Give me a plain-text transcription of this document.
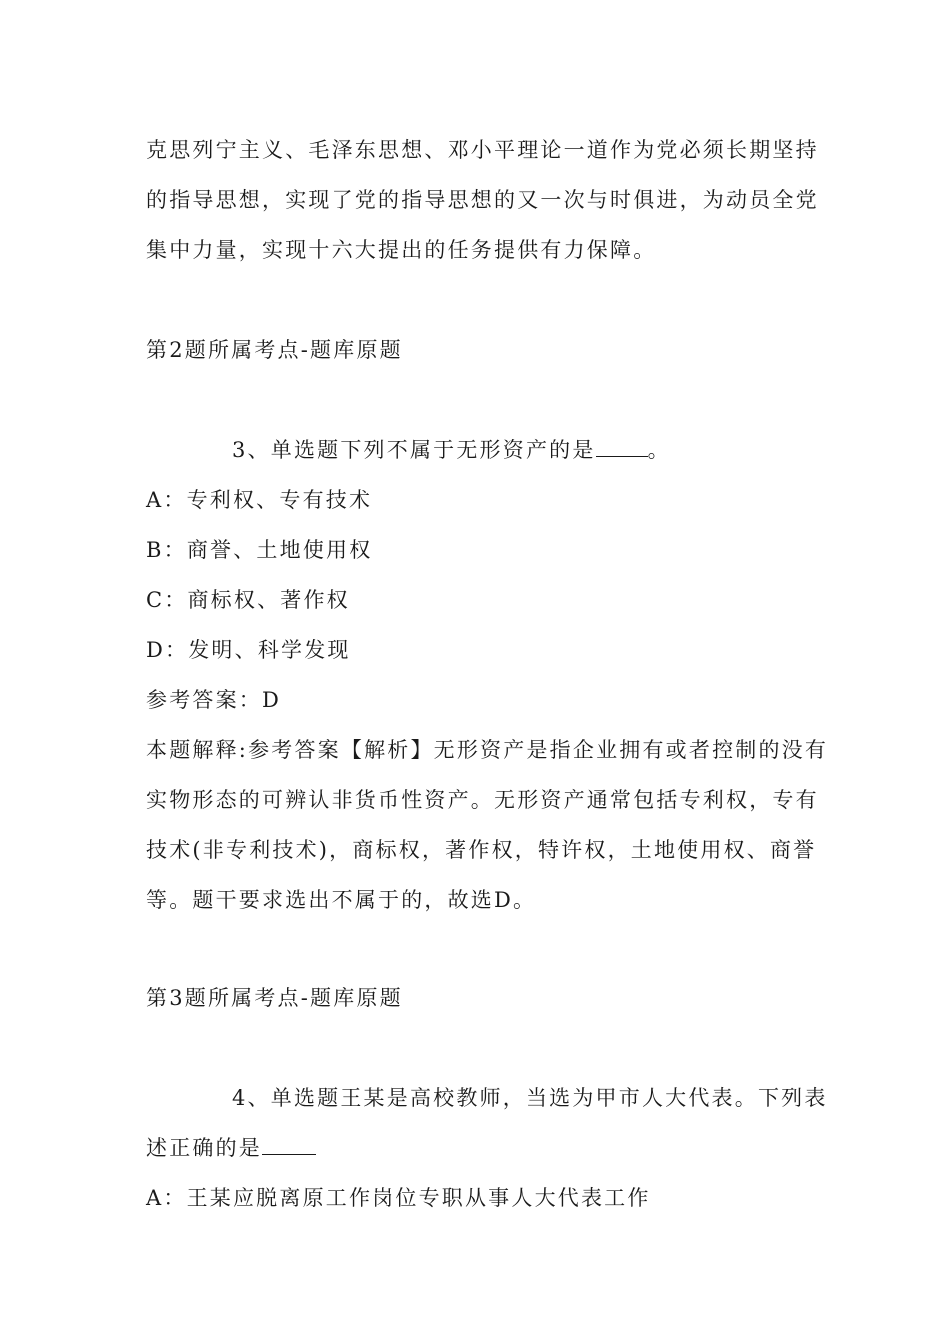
克思列宁主义、毛泽东思想、邓小平理论一道作为党必须长期坚持
的指导思想，实现了党的指导思想的又一次与时俱进，为动员全党
集中力量，实现十六大提出的任务提供有力保障。
第2题所属考点-题库原题
3、单选题下列不属于无形资产的是 。
A：专利权、专有技术
B：商誉、土地使用权
C：商标权、著作权
D：发明、科学发现
参考答案：D
本题解释:参考答案【解析】无形资产是指企业拥有或者控制的没有
实物形态的可辨认非货币性资产。无形资产通常包括专利权，专有
技术(非专利技术)，商标权，著作权，特许权，土地使用权、商誉
等。题干要求选出不属于的，故选D。
第3题所属考点-题库原题
4、单选题王某是高校教师，当选为甲市人大代表。下列表
述正确的是
A：王某应脱离原工作岗位专职从事人大代表工作
